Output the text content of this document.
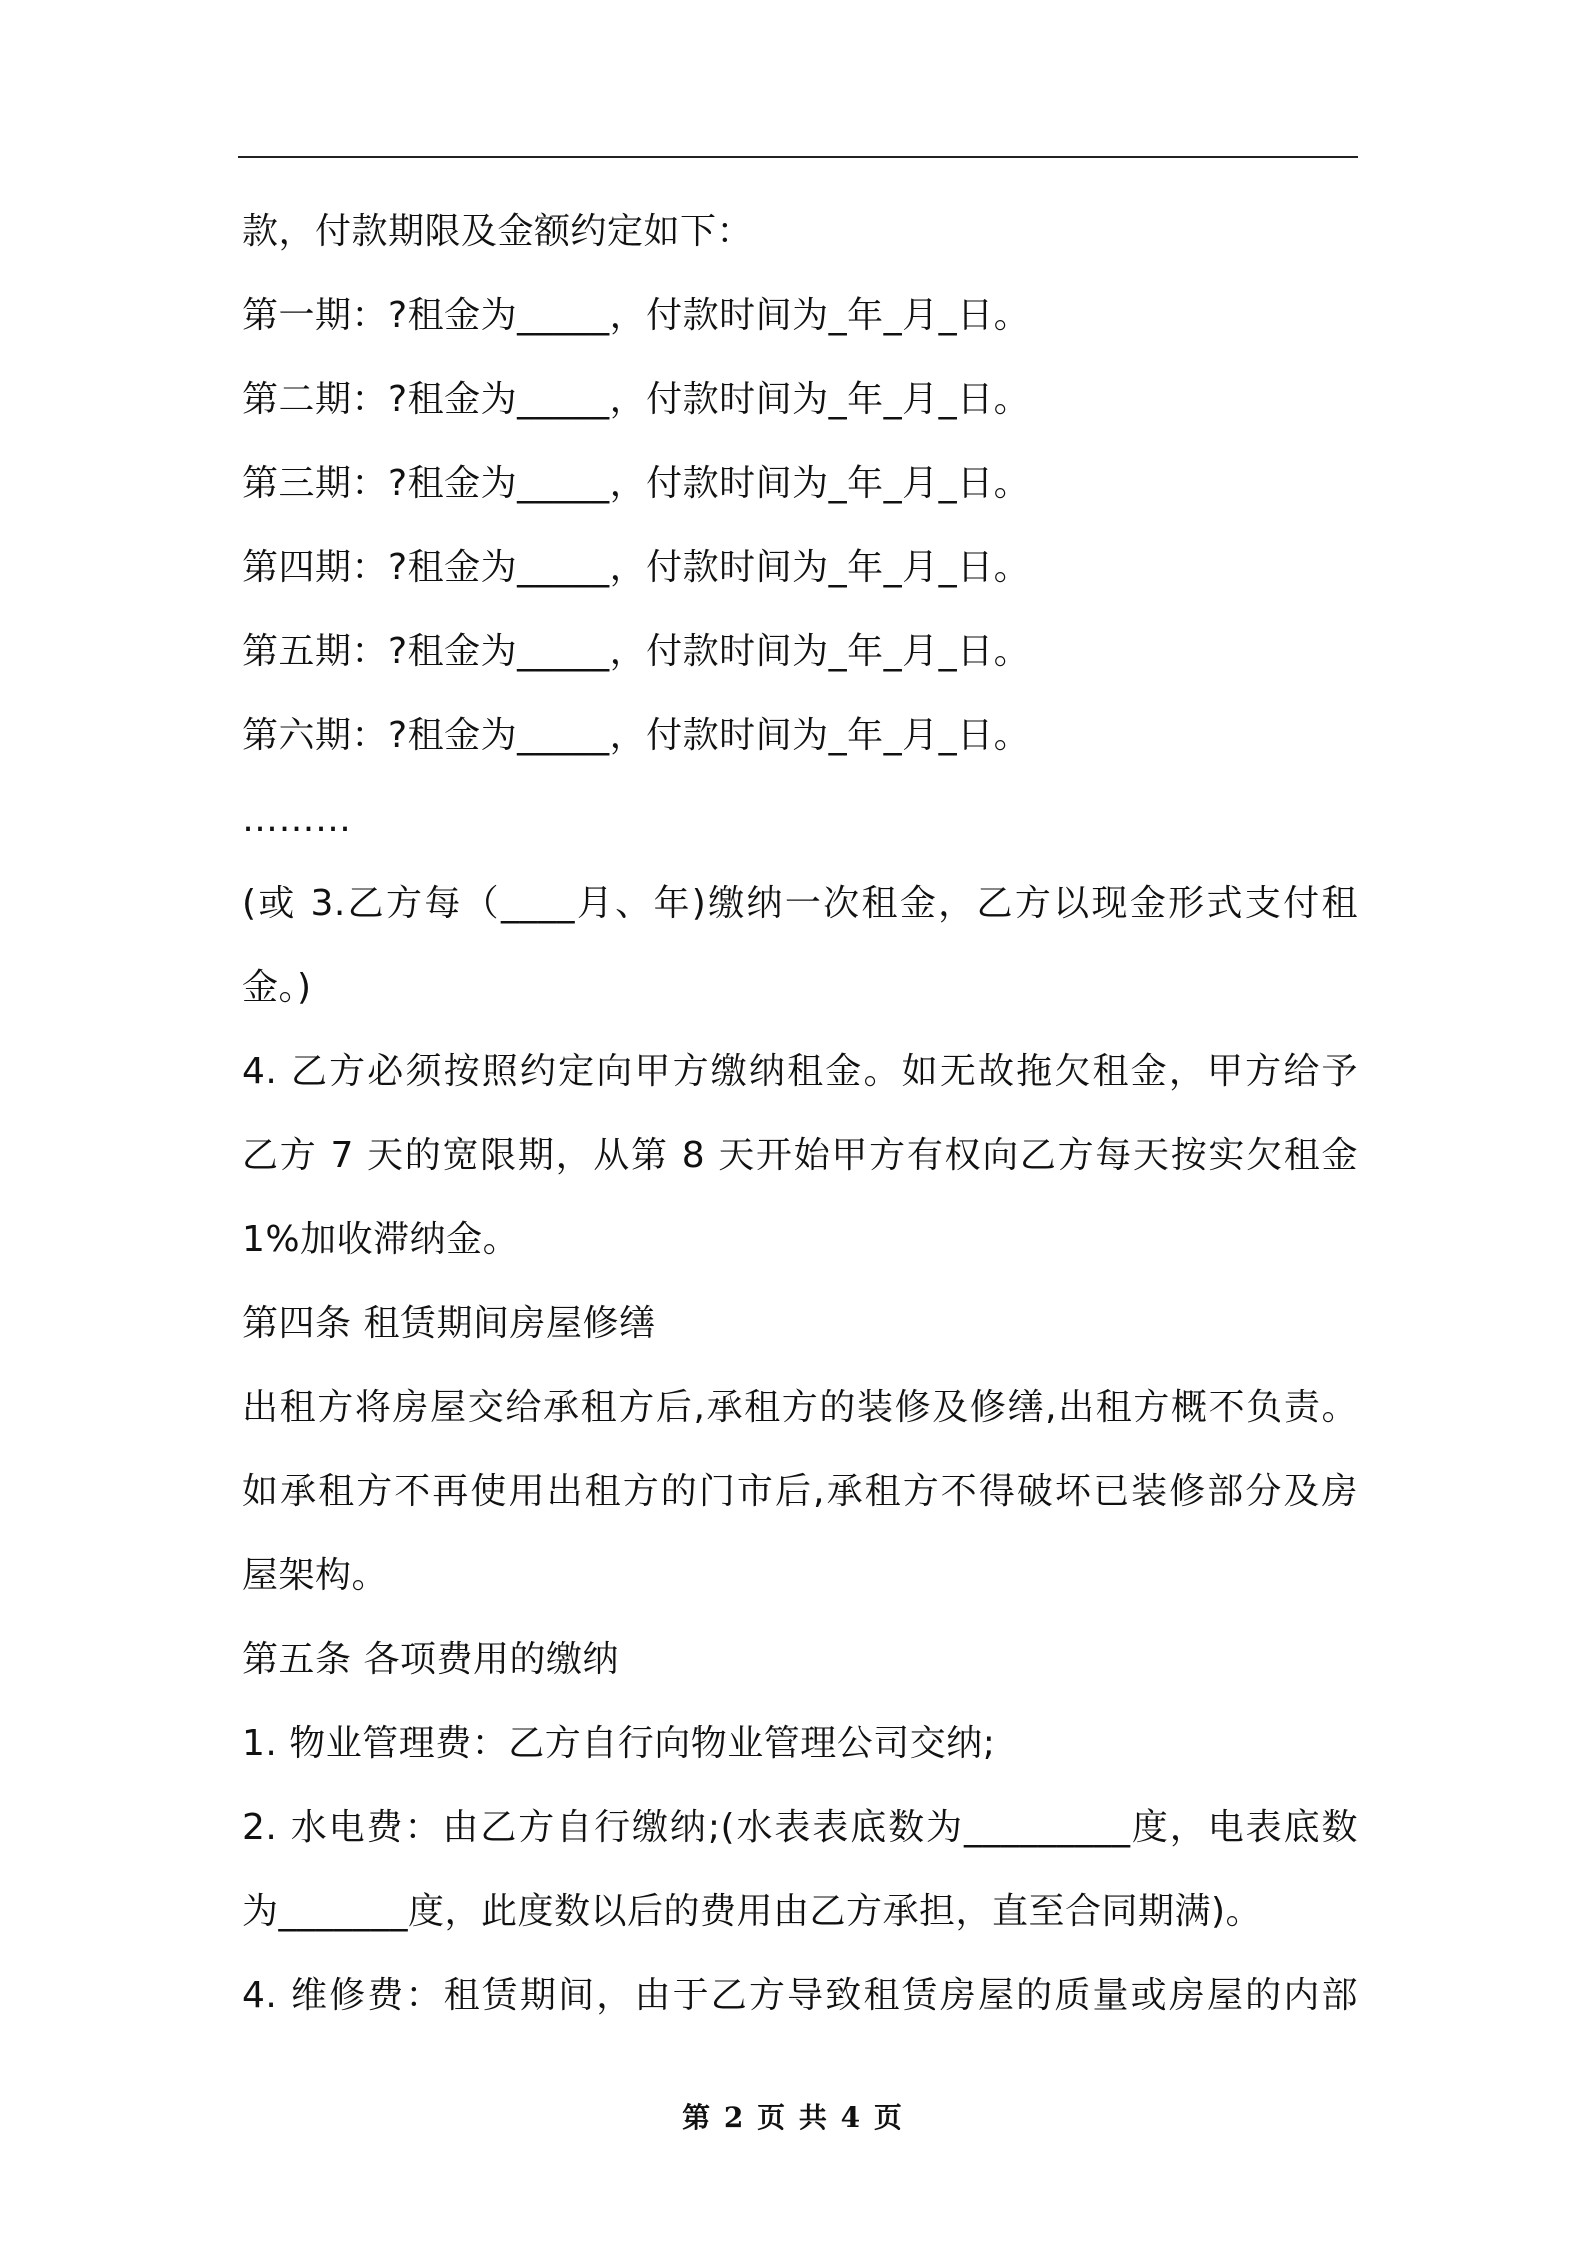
款，付款期限及金额约定如下：
第一期：?租金为_____，付款时间为_年_月_日。
第二期：?租金为_____，付款时间为_年_月_日。
第三期：?租金为_____，付款时间为_年_月_日。
第四期：?租金为_____，付款时间为_年_月_日。
第五期：?租金为_____，付款时间为_年_月_日。
第六期：?租金为_____，付款时间为_年_月_日。
………
(或 3.乙方每（____月、年)缴纳一次租金，乙方以现金形式支付租
金。)
4. 乙方必须按照约定向甲方缴纳租金。如无故拖欠租金，甲方给予
乙方 7 天的宽限期，从第 8 天开始甲方有权向乙方每天按实欠租金
1%加收滞纳金。
第四条 租赁期间房屋修缮
出租方将房屋交给承租方后,承租方的装修及修缮,出租方概不负责。
如承租方不再使用出租方的门市后,承租方不得破坏已装修部分及房
屋架构。
第五条 各项费用的缴纳
1. 物业管理费：乙方自行向物业管理公司交纳;
2. 水电费：由乙方自行缴纳;(水表表底数为_________度，电表底数
为_______度，此度数以后的费用由乙方承担，直至合同期满)。
4. 维修费：租赁期间，由于乙方导致租赁房屋的质量或房屋的内部
第 2 页 共 4 页
